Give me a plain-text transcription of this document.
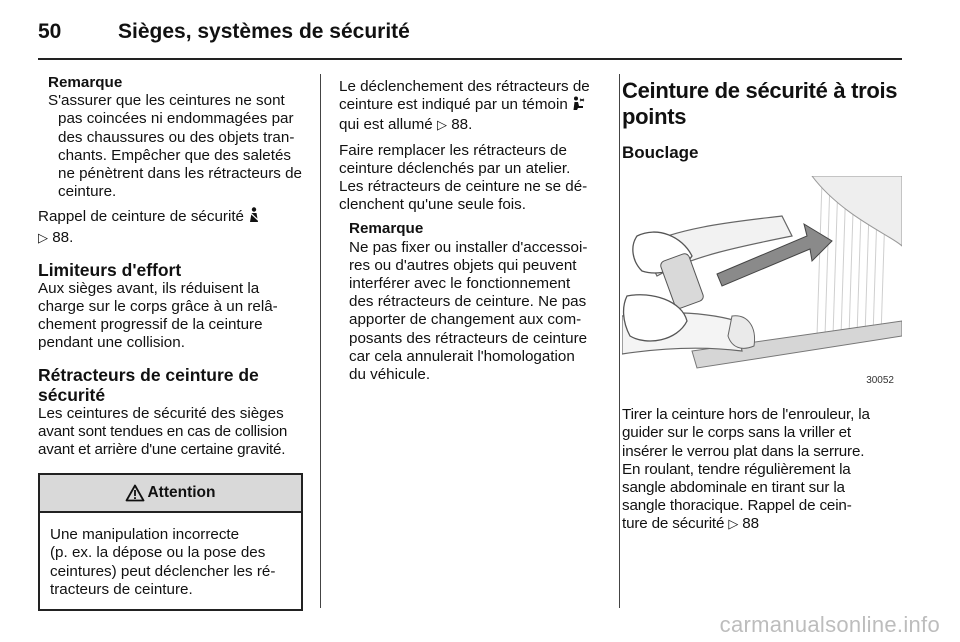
50	Sièges, systèmes de sécurité
Remarque
S'assurer que les ceintures ne sont
pas coincées ni endommagées par
des chaussures ou des objets tran-
chants. Empêcher que des saletés
ne pénètrent dans les rétracteurs de
ceinture.
Rappel de ceinture de sécurité
▷ 88.
Limiteurs d'effort
Aux sièges avant, ils réduisent la
charge sur le corps grâce à un relâ-
chement progressif de la ceinture
pendant une collision.
Rétracteurs de ceinture de
sécurité
Les ceintures de sécurité des sièges
avant sont tendues en cas de collision
avant et arrière d'une certaine gravité.
Attention
Une manipulation incorrecte
(p. ex. la dépose ou la pose des
ceintures) peut déclencher les ré-
tracteurs de ceinture.
Le déclenchement des rétracteurs de
ceinture est indiqué par un témoin
qui est allumé ▷ 88.
Faire remplacer les rétracteurs de
ceinture déclenchés par un atelier.
Les rétracteurs de ceinture ne se dé-
clenchent qu'une seule fois.
Remarque
Ne pas fixer ou installer d'accessoi-
res ou d'autres objets qui peuvent
interférer avec le fonctionnement
des rétracteurs de ceinture. Ne pas
apporter de changement aux com-
posants des rétracteurs de ceinture
car cela annulerait l'homologation
du véhicule.
Ceinture de sécurité à trois
points
Bouclage
30052
Tirer la ceinture hors de l'enrouleur, la
guider sur le corps sans la vriller et
insérer le verrou plat dans la serrure.
En roulant, tendre régulièrement la
sangle abdominale en tirant sur la
sangle thoracique. Rappel de cein-
ture de sécurité ▷ 88
carmanualsonline.info
